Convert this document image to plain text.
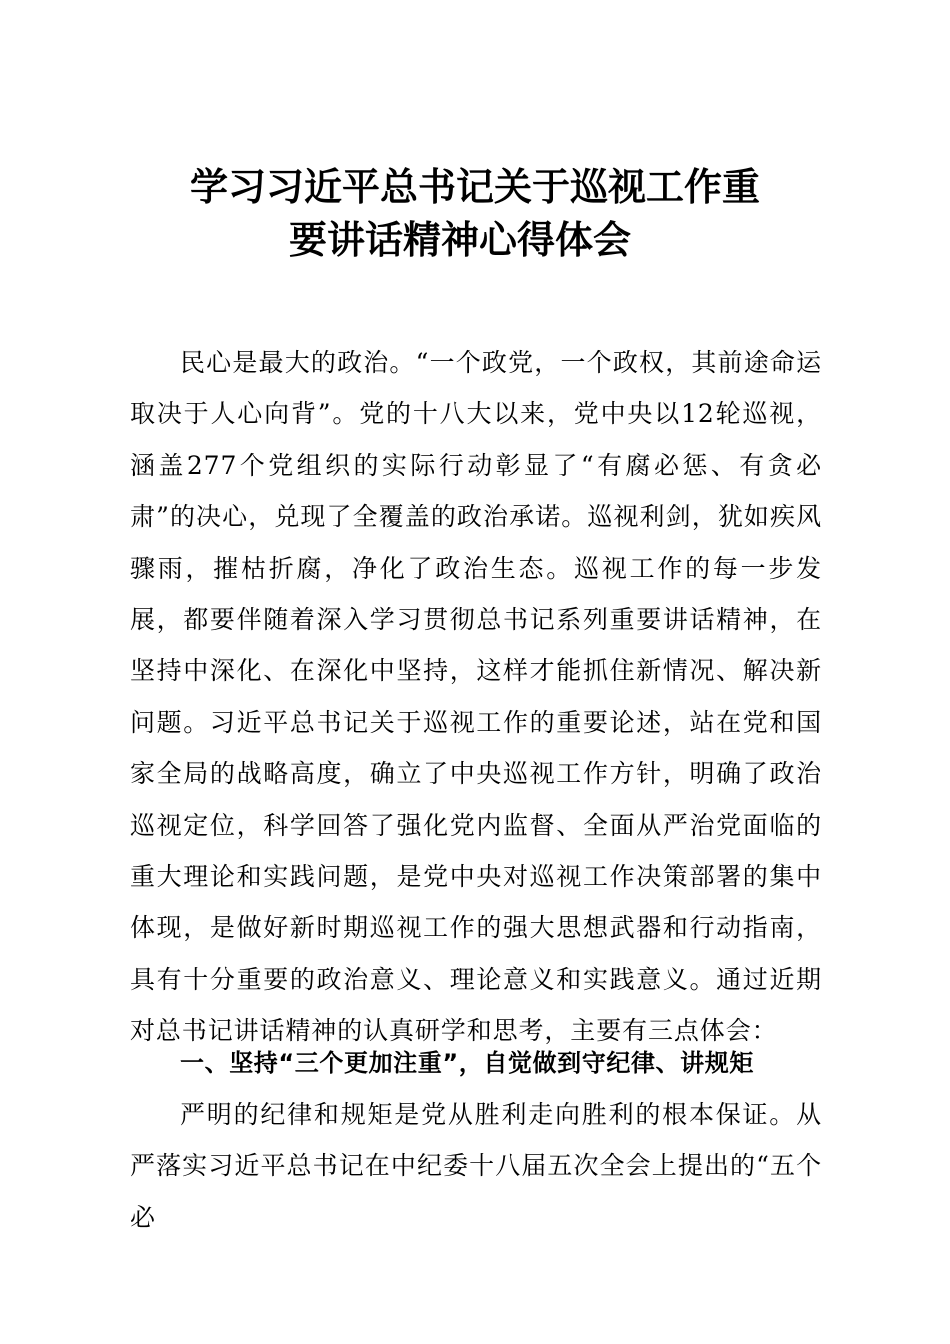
学习习近平总书记关于巡视工作重
要讲话精神心得体会
民心是最大的政治。“一个政党，一个政权，其前途命运取决于人心向背”。党的十八大以来，党中央以12轮巡视，涵盖277个党组织的实际行动彰显了“有腐必惩、有贪必肃”的决心，兑现了全覆盖的政治承诺。巡视利剑，犹如疾风骤雨，摧枯折腐，净化了政治生态。巡视工作的每一步发展，都要伴随着深入学习贯彻总书记系列重要讲话精神，在坚持中深化、在深化中坚持，这样才能抓住新情况、解决新问题。习近平总书记关于巡视工作的重要论述，站在党和国家全局的战略高度，确立了中央巡视工作方针，明确了政治巡视定位，科学回答了强化党内监督、全面从严治党面临的重大理论和实践问题，是党中央对巡视工作决策部署的集中体现，是做好新时期巡视工作的强大思想武器和行动指南，具有十分重要的政治意义、理论意义和实践意义。通过近期对总书记讲话精神的认真研学和思考，主要有三点体会：
一、坚持“三个更加注重”，自觉做到守纪律、讲规矩
严明的纪律和规矩是党从胜利走向胜利的根本保证。从严落实习近平总书记在中纪委十八届五次全会上提出的“五个必
